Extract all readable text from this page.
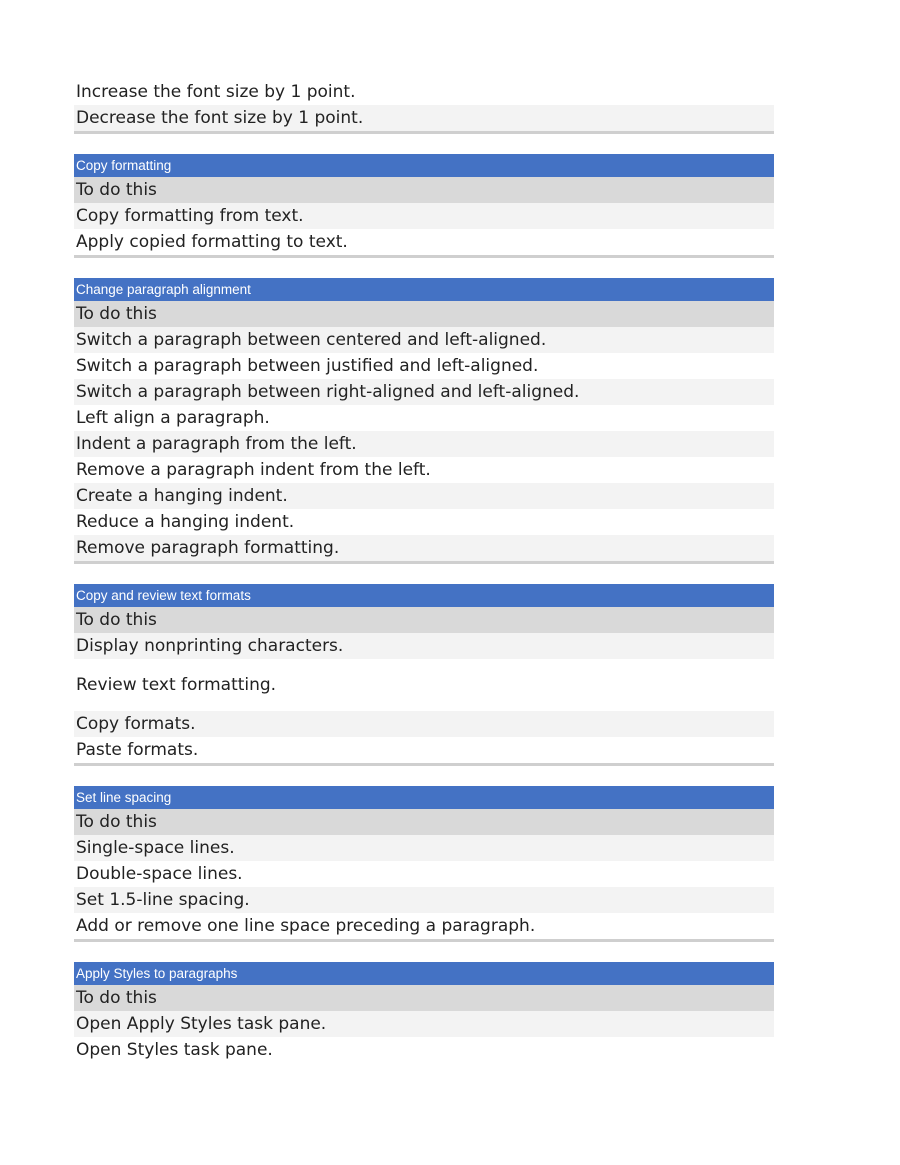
Increase the font size by 1 point.
Decrease the font size by 1 point.
Copy formatting
To do this
Copy formatting from text.
Apply copied formatting to text.
Change paragraph alignment
To do this
Switch a paragraph between centered and left-aligned.
Switch a paragraph between justified and left-aligned.
Switch a paragraph between right-aligned and left-aligned.
Left align a paragraph.
Indent a paragraph from the left.
Remove a paragraph indent from the left.
Create a hanging indent.
Reduce a hanging indent.
Remove paragraph formatting.
Copy and review text formats
To do this
Display nonprinting characters.
Review text formatting.
Copy formats.
Paste formats.
Set line spacing
To do this
Single-space lines.
Double-space lines.
Set 1.5-line spacing.
Add or remove one line space preceding a paragraph.
Apply Styles to paragraphs
To do this
Open Apply Styles task pane.
Open Styles task pane.
